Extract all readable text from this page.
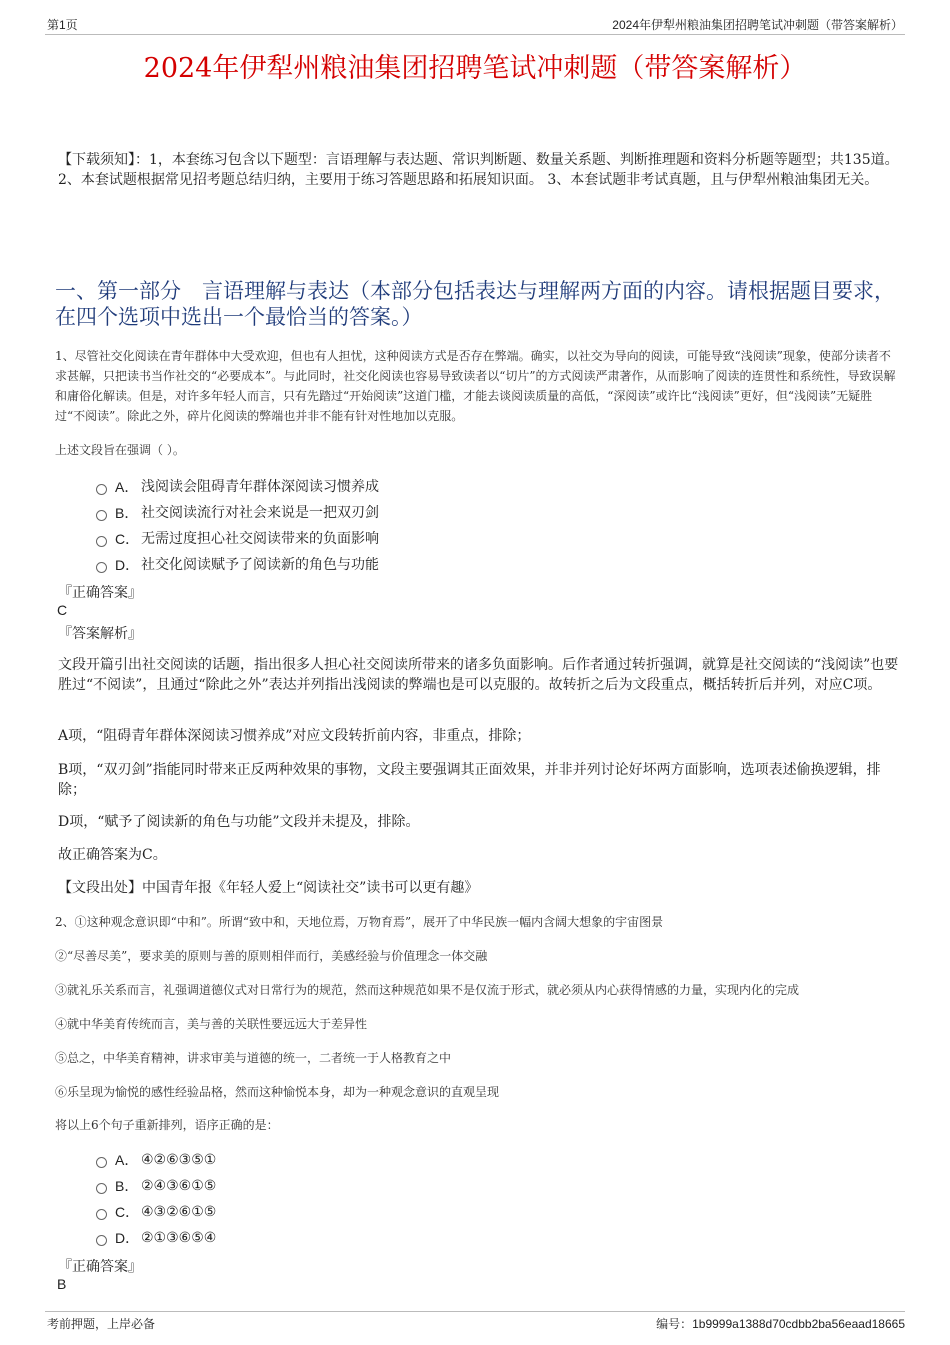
第1页	2024年伊犁州粮油集团招聘笔试冲刺题（带答案解析）
2024年伊犁州粮油集团招聘笔试冲刺题（带答案解析）
【下载须知】：1，本套练习包含以下题型：言语理解与表达题、常识判断题、数量关系题、判断推理题和资料分析题等题型；共135道。 2、本套试题根据常见招考题总结归纳，主要用于练习答题思路和拓展知识面。 3、本套试题非考试真题，且与伊犁州粮油集团无关。
一、第一部分　言语理解与表达（本部分包括表达与理解两方面的内容。请根据题目要求，在四个选项中选出一个最恰当的答案。）
1、尽管社交化阅读在青年群体中大受欢迎，但也有人担忧，这种阅读方式是否存在弊端。确实，以社交为导向的阅读，可能导致“浅阅读”现象，使部分读者不求甚解，只把读书当作社交的“必要成本”。与此同时，社交化阅读也容易导致读者以“切片”的方式阅读严肃著作，从而影响了阅读的连贯性和系统性，导致误解和庸俗化解读。但是，对许多年轻人而言，只有先踏过“开始阅读”这道门槛，才能去谈阅读质量的高低，“深阅读”或许比“浅阅读”更好，但“浅阅读”无疑胜过“不阅读”。除此之外，碎片化阅读的弊端也并非不能有针对性地加以克服。
上述文段旨在强调（ ）。
A． 浅阅读会阻碍青年群体深阅读习惯养成
B． 社交阅读流行对社会来说是一把双刃剑
C． 无需过度担心社交阅读带来的负面影响
D． 社交化阅读赋予了阅读新的角色与功能
『正确答案』
C
『答案解析』
文段开篇引出社交阅读的话题，指出很多人担心社交阅读所带来的诸多负面影响。后作者通过转折强调，就算是社交阅读的“浅阅读”也要胜过“不阅读”，且通过“除此之外”表达并列指出浅阅读的弊端也是可以克服的。故转折之后为文段重点，概括转折后并列，对应C项。
A项，“阻碍青年群体深阅读习惯养成”对应文段转折前内容，非重点，排除；
B项，“双刃剑”指能同时带来正反两种效果的事物，文段主要强调其正面效果，并非并列讨论好坏两方面影响，选项表述偷换逻辑，排除；
D项，“赋予了阅读新的角色与功能”文段并未提及，排除。
故正确答案为C。
【文段出处】中国青年报《年轻人爱上“阅读社交”读书可以更有趣》
2、①这种观念意识即“中和”。所谓“致中和，天地位焉，万物育焉”，展开了中华民族一幅内含阔大想象的宇宙图景
②“尽善尽美”，要求美的原则与善的原则相伴而行，美感经验与价值理念一体交融
③就礼乐关系而言，礼强调道德仪式对日常行为的规范，然而这种规范如果不是仅流于形式，就必须从内心获得情感的力量，实现内化的完成
④就中华美育传统而言，美与善的关联性要远远大于差异性
⑤总之，中华美育精神，讲求审美与道德的统一，二者统一于人格教育之中
⑥乐呈现为愉悦的感性经验品格，然而这种愉悦本身，却为一种观念意识的直观呈现
将以上6个句子重新排列，语序正确的是：
A． ④②⑥③⑤①
B． ②④③⑥①⑤
C． ④③②⑥①⑤
D． ②①③⑥⑤④
『正确答案』
B
考前押题，上岸必备	编号：1b9999a1388d70cdbb2ba56eaad18665
